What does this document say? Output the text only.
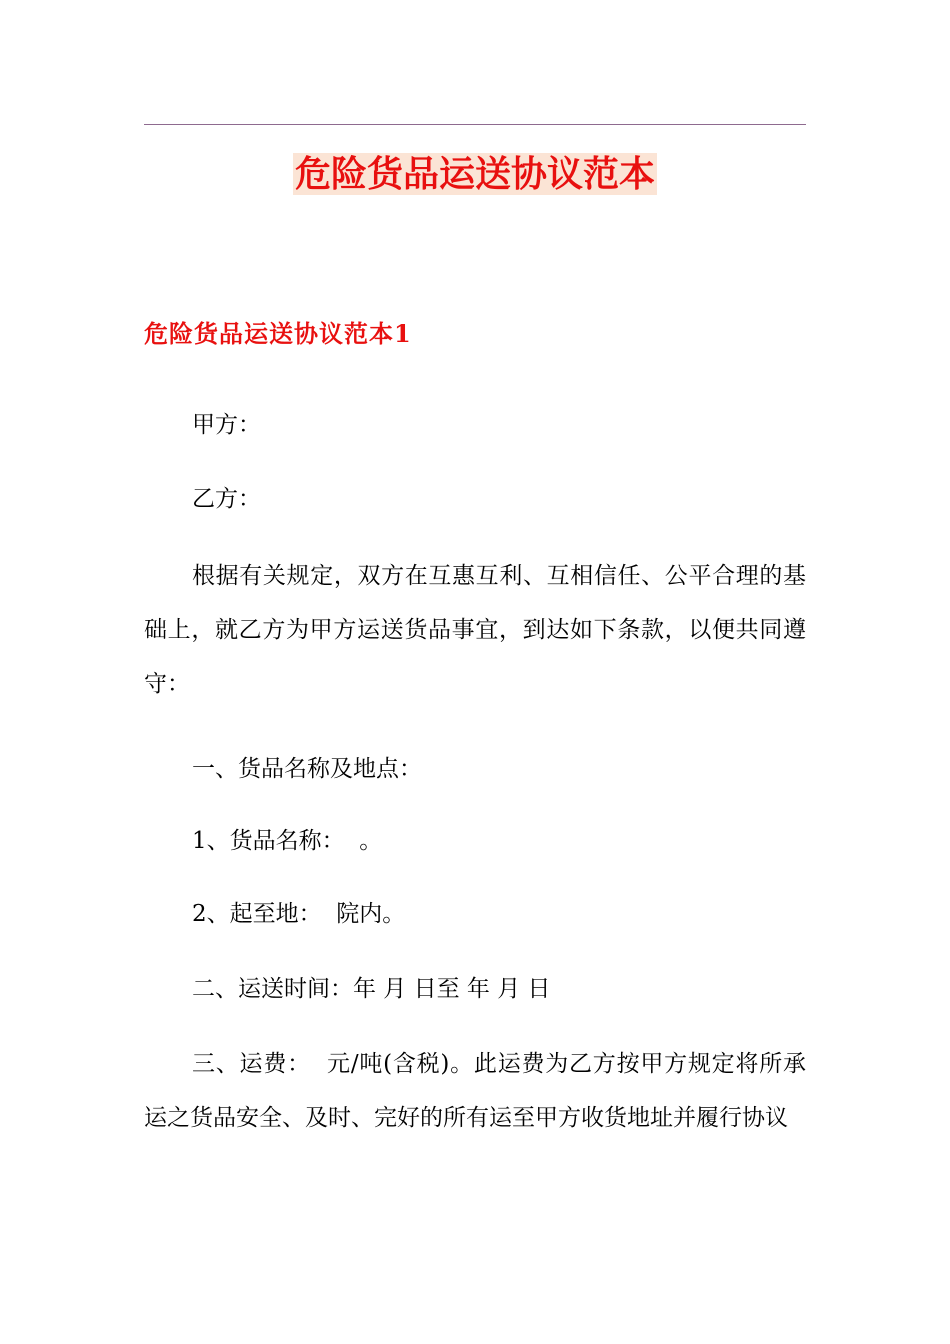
危险货品运送协议范本
危险货品运送协议范本1

甲方：

乙方：

根据有关规定，双方在互惠互利、互相信任、公平合理的基础上，就乙方为甲方运送货品事宜，到达如下条款，以便共同遵守：

一、货品名称及地点：

1、货品名称：  。

2、起至地：  院内。

二、运送时间：年 月 日至 年 月 日

三、运费：  元/吨(含税)。此运费为乙方按甲方规定将所承运之货品安全、及时、完好的所有运至甲方收货地址并履行协议
